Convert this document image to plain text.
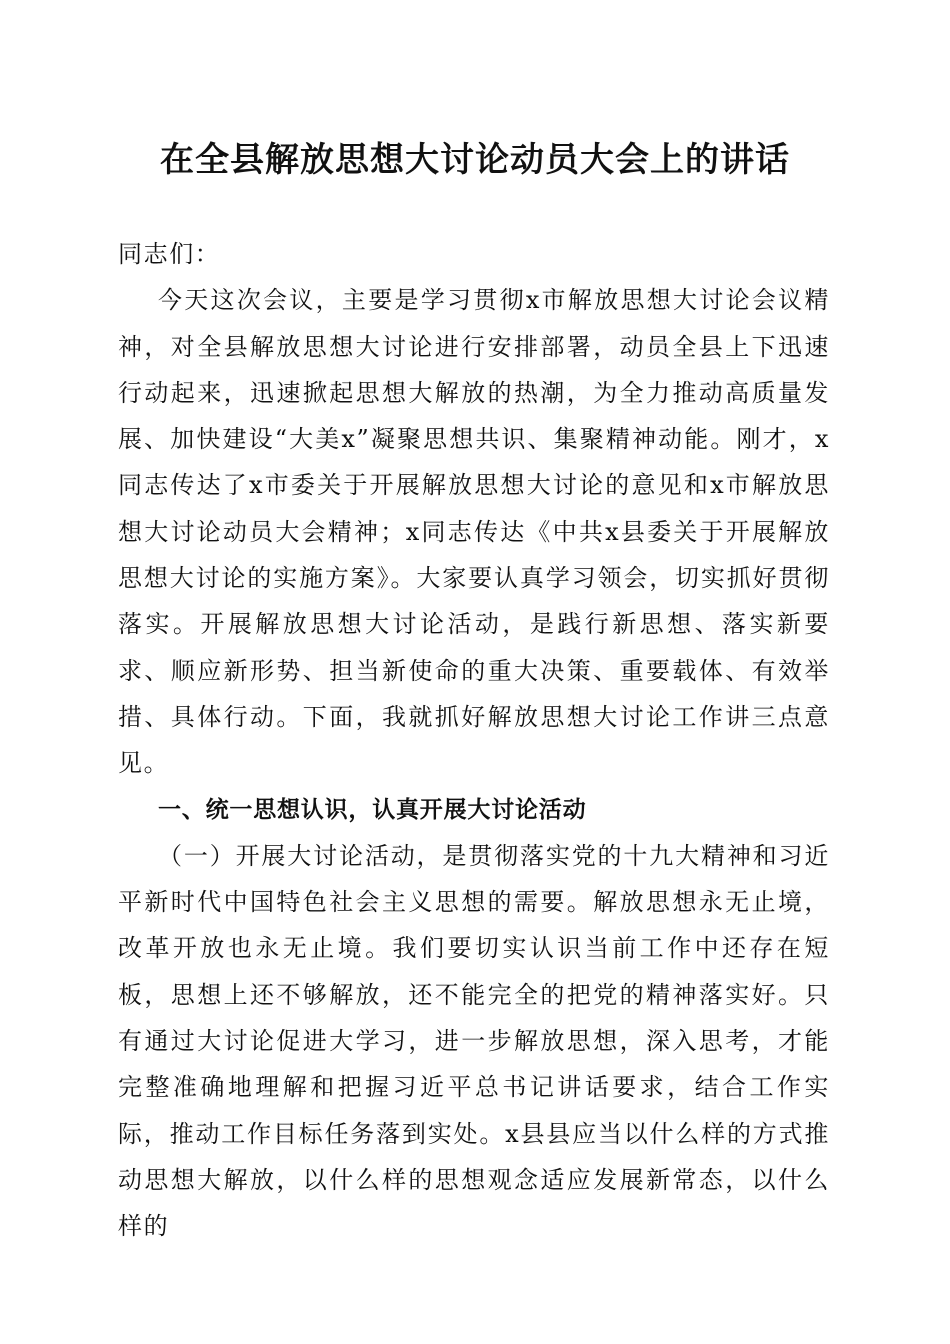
在全县解放思想大讨论动员大会上的讲话

同志们：

今天这次会议，主要是学习贯彻x市解放思想大讨论会议精神，对全县解放思想大讨论进行安排部署，动员全县上下迅速行动起来，迅速掀起思想大解放的热潮，为全力推动高质量发展、加快建设“大美x”凝聚思想共识、集聚精神动能。刚才，x同志传达了x市委关于开展解放思想大讨论的意见和x市解放思想大讨论动员大会精神；x同志传达《中共x县委关于开展解放思想大讨论的实施方案》。大家要认真学习领会，切实抓好贯彻落实。开展解放思想大讨论活动，是践行新思想、落实新要求、顺应新形势、担当新使命的重大决策、重要载体、有效举措、具体行动。下面，我就抓好解放思想大讨论工作讲三点意见。

一、统一思想认识，认真开展大讨论活动

（一）开展大讨论活动，是贯彻落实党的十九大精神和习近平新时代中国特色社会主义思想的需要。解放思想永无止境，改革开放也永无止境。我们要切实认识当前工作中还存在短板，思想上还不够解放，还不能完全的把党的精神落实好。只有通过大讨论促进大学习，进一步解放思想，深入思考，才能完整准确地理解和把握习近平总书记讲话要求，结合工作实际，推动工作目标任务落到实处。x县县应当以什么样的方式推动思想大解放，以什么样的思想观念适应发展新常态，以什么样的
